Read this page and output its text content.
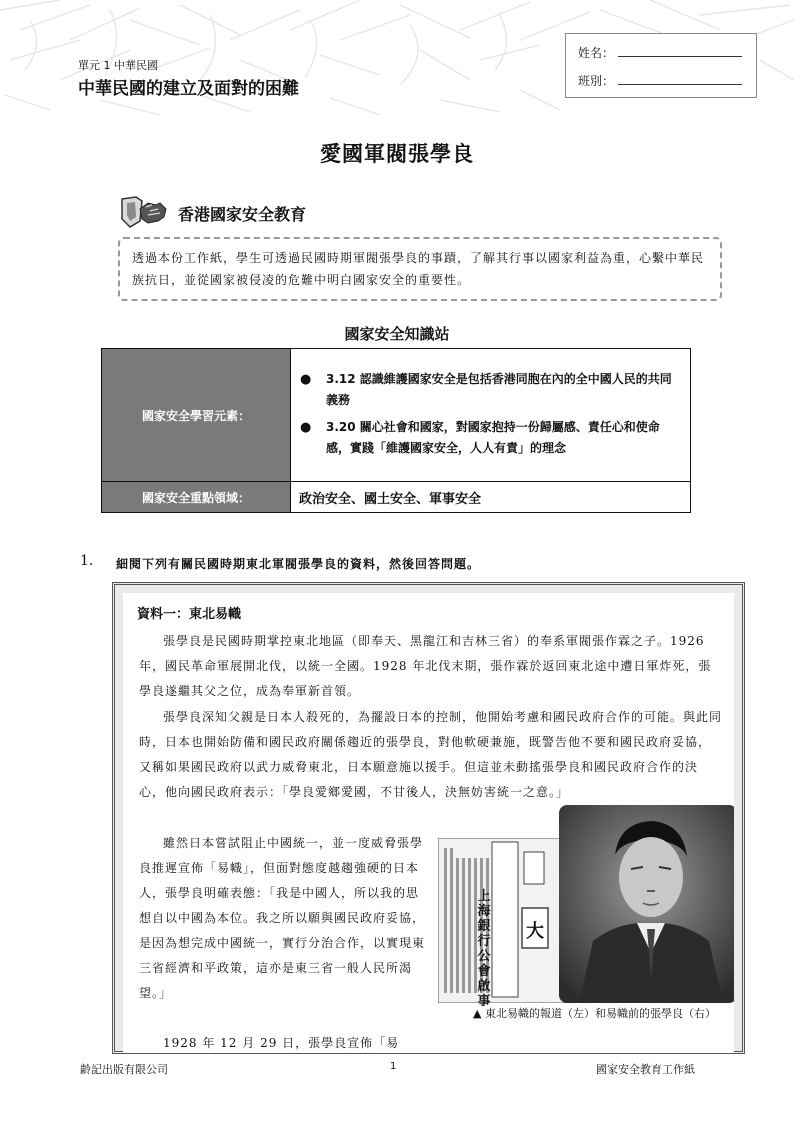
單元 1 中華民國
中華民國的建立及面對的困難
姓名：
班別：
愛國軍閥張學良
香港國家安全教育
透過本份工作紙，學生可透過民國時期軍閥張學良的事蹟，了解其行事以國家利益為重，心繫中華民族抗日，並從國家被侵凌的危難中明白國家安全的重要性。
國家安全知識站
國家安全學習元素：	● 3.12 認識維護國家安全是包括香港同胞在內的全中國人民的共同義務
● 3.20 關心社會和國家，對國家抱持一份歸屬感、責任心和使命感，實踐「維護國家安全，人人有責」的理念

國家安全重點領域：	政治安全、國土安全、軍事安全
1. 細閱下列有關民國時期東北軍閥張學良的資料，然後回答問題。
資料一：東北易幟
張學良是民國時期掌控東北地區（即奉天、黑龍江和吉林三省）的奉系軍閥張作霖之子。1926 年，國民革命軍展開北伐，以統一全國。1928 年北伐末期，張作霖於返回東北途中遭日軍炸死，張學良遂繼其父之位，成為奉軍新首領。
張學良深知父親是日本人殺死的，為擺設日本的控制，他開始考慮和國民政府合作的可能。與此同時，日本也開始防備和國民政府關係趨近的張學良，對他軟硬兼施，既警告他不要和國民政府妥協，又稱如果國民政府以武力威脅東北，日本願意施以援手。但這並未動搖張學良和國民政府合作的決心，他向國民政府表示：「學良愛鄉愛國，不甘後人，決無妨害統一之意。」
雖然日本嘗試阻止中國統一，並一度威脅張學良推遲宣佈「易幟」，但面對態度越趨強硬的日本人，張學良明確表態：「我是中國人，所以我的思想自以中國為本位。我之所以願與國民政府妥協，是因為想完成中國統一，實行分治合作，以實現東三省經濟和平政策，這亦是東三省一般人民所渴望。」
1928 年 12 月 29 日，張學良宣佈「易
上
海
銀
行
公
會
啟
事
大
▲ 東北易幟的報道（左）和易幟前的張學良（右）
齡記出版有限公司	1	國家安全教育工作紙
